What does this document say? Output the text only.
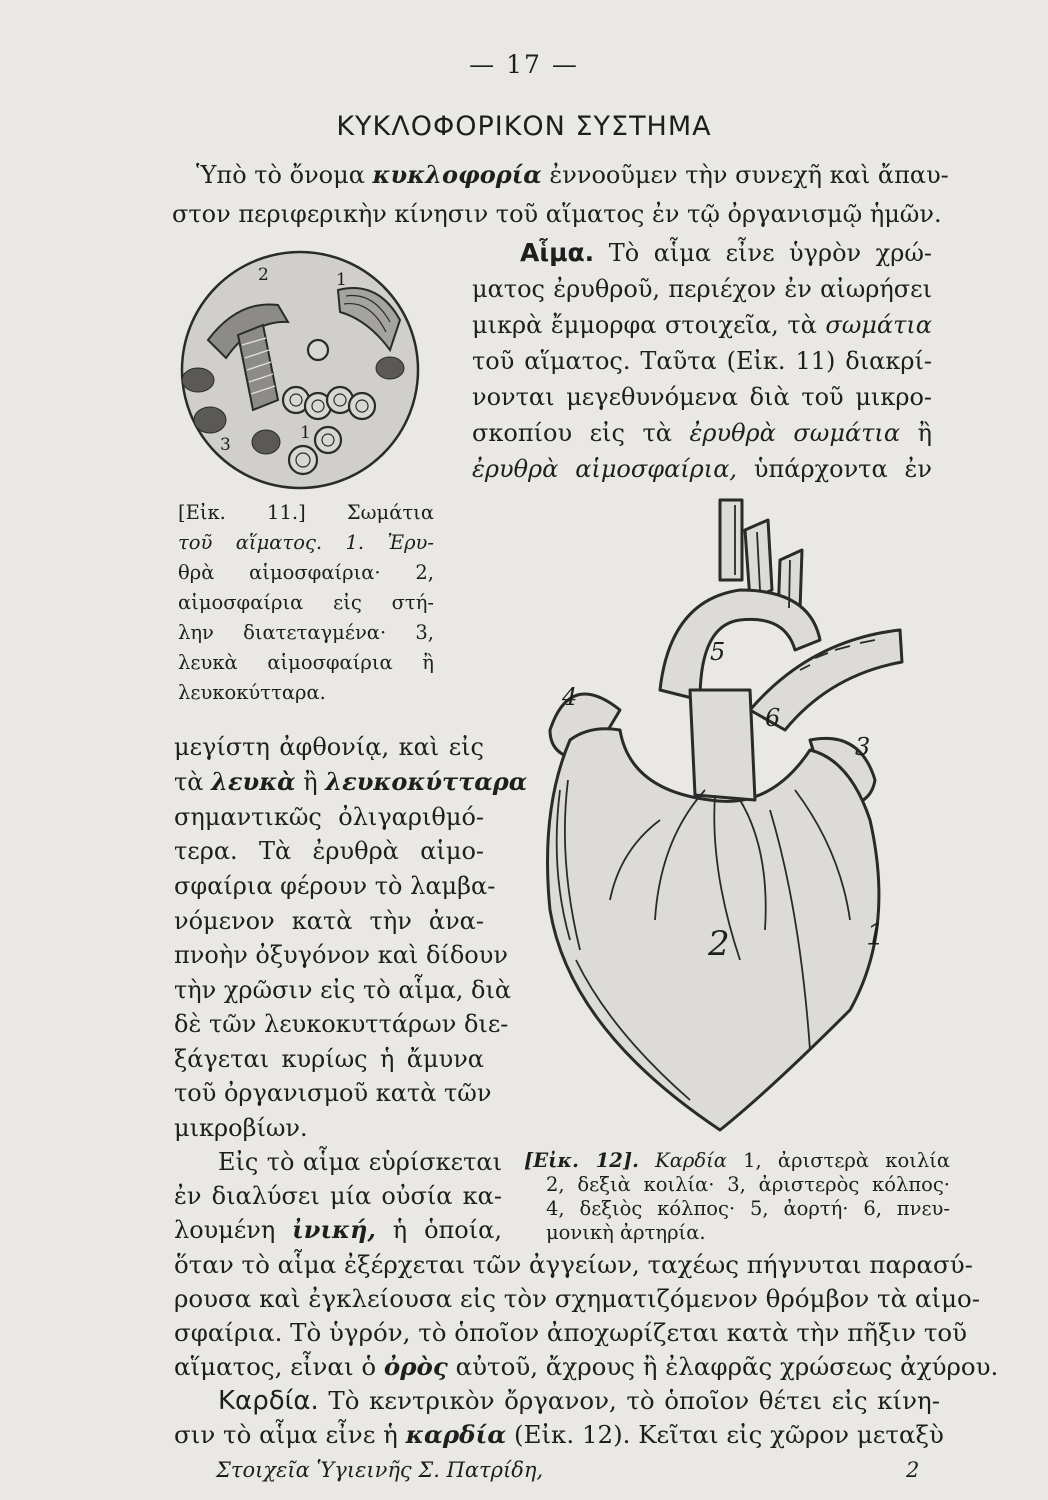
— 17 —
ΚΥΚΛΟΦΟΡΙΚΟΝ ΣΥΣΤΗΜΑ
Ὑπὸ τὸ ὄνομα κυκλοφορία ἐννοοῦμεν τὴν συνεχῆ καὶ ἄπαυ-
στον περιφερικὴν κίνησιν τοῦ αἵματος ἐν τῷ ὀργανισμῷ ἡμῶν.
Αἷμα. Τὸ αἷμα εἶνε ὑγρὸν χρώ-
ματος ἐρυθροῦ, περιέχον ἐν αἰωρήσει
μικρὰ ἔμμορφα στοιχεῖα, τὰ σωμάτια
τοῦ αἵματος. Ταῦτα (Εἰκ. 11) διακρί-
νονται μεγεθυνόμενα διὰ τοῦ μικρο-
σκοπίου εἰς τὰ ἐρυθρὰ σωμάτια ἢ
ἐρυθρὰ αἱμοσφαίρια, ὑπάρχοντα ἐν
2	1
3
1
[Εἰκ. 11.] Σωμάτια
τοῦ αἵματος. 1. Ἐρυ-
θρὰ αἱμοσφαίρια· 2,
αἱμοσφαίρια εἰς στή-
λην διατεταγμένα· 3,
λευκὰ αἱμοσφαίρια ἢ
λευκοκύτταρα.
μεγίστη ἀφθονίᾳ, καὶ εἰς
τὰ λευκὰ ἢ λευκοκύτταρα
σημαντικῶς ὀλιγαριθμό-
τερα. Τὰ ἐρυθρὰ αἱμο-
σφαίρια φέρουν τὸ λαμβα-
νόμενον κατὰ τὴν ἀνα-
πνοὴν ὀξυγόνον καὶ δίδουν
τὴν χρῶσιν εἰς τὸ αἷμα, διὰ
δὲ τῶν λευκοκυττάρων διε-
ξάγεται κυρίως ἡ ἄμυνα
τοῦ ὀργανισμοῦ κατὰ τῶν
μικροβίων.
Εἰς τὸ αἷμα εὑρίσκεται
ἐν διαλύσει μία οὐσία κα-
λουμένη ἰνική, ἡ ὁποία,
5
4
6
3
2	1
[Εἰκ. 12]. Καρδία 1, ἀριστερὰ κοιλία
2, δεξιὰ κοιλία· 3, ἀριστερὸς κόλπος·
4, δεξιὸς κόλπος· 5, ἀορτή· 6, πνευ-
μονικὴ ἀρτηρία.
ὅταν τὸ αἷμα ἐξέρχεται τῶν ἀγγείων, ταχέως πήγνυται παρασύ-
ρουσα καὶ ἐγκλείουσα εἰς τὸν σχηματιζόμενον θρόμβον τὰ αἱμο-
σφαίρια. Τὸ ὑγρόν, τὸ ὁποῖον ἀποχωρίζεται κατὰ τὴν πῆξιν τοῦ
αἵματος, εἶναι ὁ ὀρὸς αὐτοῦ, ἄχρους ἢ ἐλαφρᾶς χρώσεως ἀχύρου.
Καρδία. Τὸ κεντρικὸν ὄργανον, τὸ ὁποῖον θέτει εἰς κίνη-
σιν τὸ αἷμα εἶνε ἡ καρδία (Εἰκ. 12). Κεῖται εἰς χῶρον μεταξὺ
Στοιχεῖα Ὑγιεινῆς Σ. Πατρίδη,	2
